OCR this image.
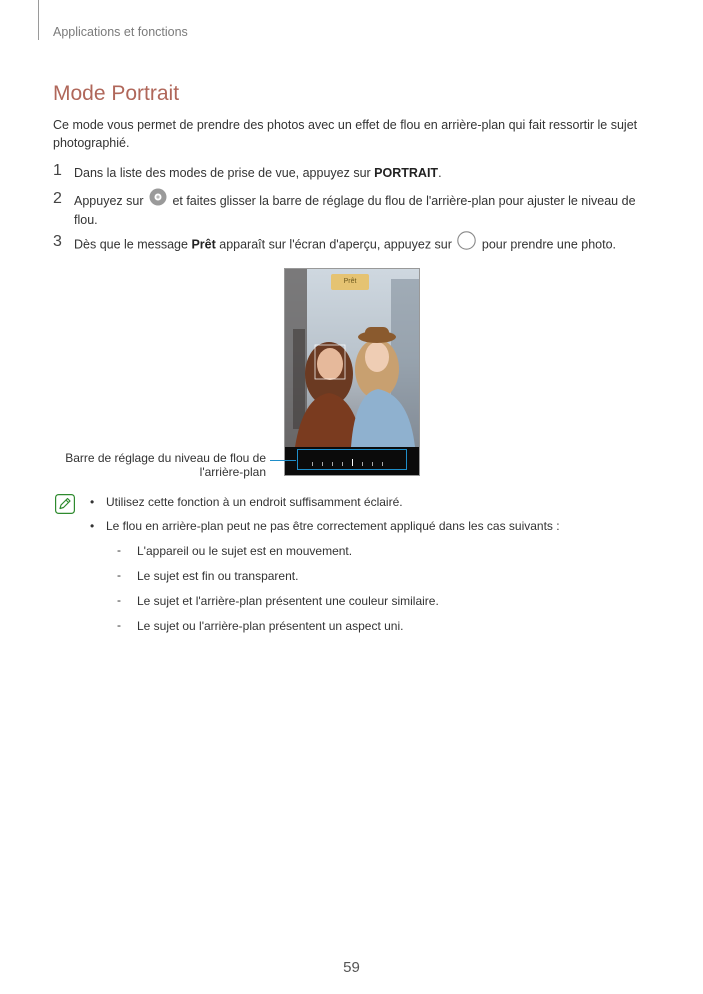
Applications et fonctions
Mode Portrait
Ce mode vous permet de prendre des photos avec un effet de flou en arrière-plan qui fait ressortir le sujet photographié.
1 Dans la liste des modes de prise de vue, appuyez sur PORTRAIT.
2 Appuyez sur  et faites glisser la barre de réglage du flou de l'arrière-plan pour ajuster le niveau de flou.
3 Dès que le message Prêt apparaît sur l'écran d'aperçu, appuyez sur  pour prendre une photo.
Prêt
Barre de réglage du niveau de flou de l'arrière-plan
• Utilisez cette fonction à un endroit suffisamment éclairé.
• Le flou en arrière-plan peut ne pas être correctement appliqué dans les cas suivants :
- L'appareil ou le sujet est en mouvement.
- Le sujet est fin ou transparent.
- Le sujet et l'arrière-plan présentent une couleur similaire.
- Le sujet ou l'arrière-plan présentent un aspect uni.
59
